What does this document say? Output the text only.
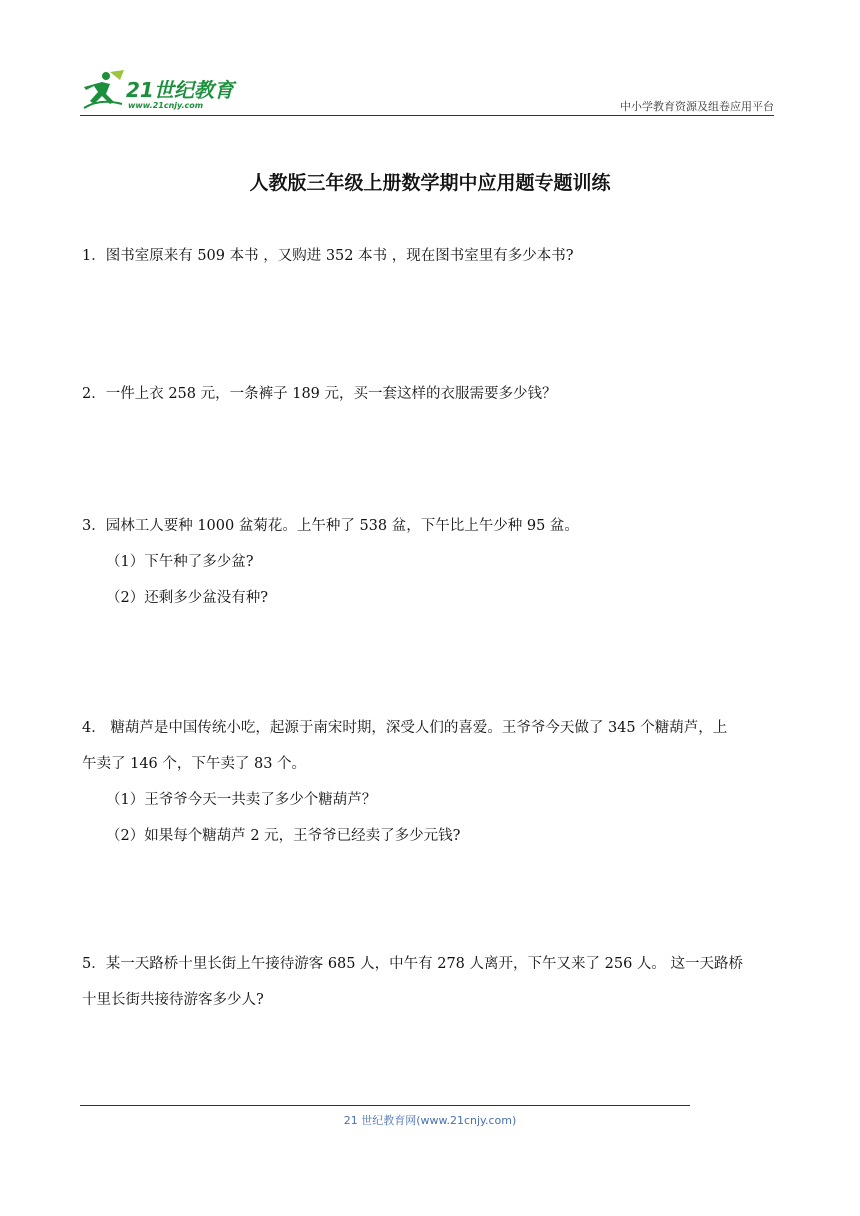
21世纪教育
www.21cnjy.com	中小学教育资源及组卷应用平台
人教版三年级上册数学期中应用题专题训练
1．图书室原来有 509 本书 ，又购进 352 本书 ，现在图书室里有多少本书?
2．一件上衣 258 元，一条裤子 189 元，买一套这样的衣服需要多少钱？
3．园林工人要种 1000 盆菊花。上午种了 538 盆，下午比上午少种 95 盆。
（1）下午种了多少盆?
（2）还剩多少盆没有种?
4． 糖葫芦是中国传统小吃，起源于南宋时期，深受人们的喜爱。王爷爷今天做了 345 个糖葫芦，上
午卖了 146 个，下午卖了 83 个。
（1）王爷爷今天一共卖了多少个糖葫芦？
（2）如果每个糖葫芦 2 元，王爷爷已经卖了多少元钱?
5．某一天路桥十里长街上午接待游客 685 人，中午有 278 人离开，下午又来了 256 人。 这一天路桥
十里长街共接待游客多少人?
21 世纪教育网(www.21cnjy.com)
